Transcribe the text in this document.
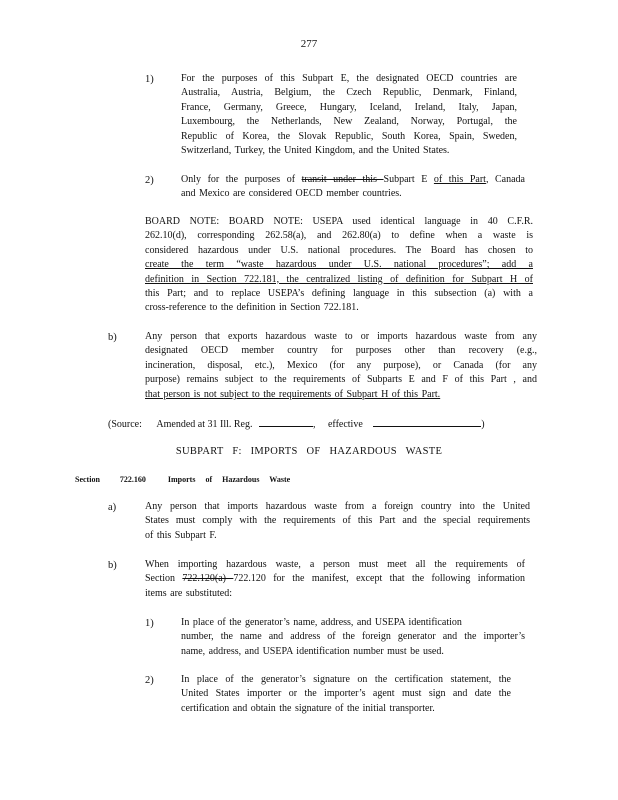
277
1)	For the purposes of this Subpart E, the designated OECD countries are
Australia, Austria, Belgium, the Czech Republic, Denmark, Finland,
France, Germany, Greece, Hungary, Iceland, Ireland, Italy, Japan,
Luxembourg, the Netherlands, New Zealand, Norway, Portugal, the
Republic of Korea, the Slovak Republic, South Korea, Spain, Sweden,
Switzerland, Turkey, the United Kingdom, and the United States.
2)	Only for the purposes of transit under this Subpart E of this Part, Canada
and Mexico are considered OECD member countries.
BOARD NOTE: BOARD NOTE: USEPA used identical language in 40 C.F.R.
262.10(d), corresponding 262.58(a), and 262.80(a) to define when a waste is
considered hazardous under U.S. national procedures. The Board has chosen to
create the term “waste hazardous under U.S. national procedures”; add a
definition in Section 722.181, the centralized listing of definition for Subpart H of
this Part; and to replace USEPA’s defining language in this subsection (a) with a
cross-reference to the definition in Section 722.181.
b)	Any person that exports hazardous waste to or imports hazardous waste from any
designated OECD member country for purposes other than recovery (e.g.,
incineration, disposal, etc.), Mexico (for any purpose), or Canada (for any
purpose) remains subject to the requirements of Subparts E and F of this Part , and
that person is not subject to the requirements of Subpart H of this Part.
(Source: Amended at 31 Ill. Reg.	, effective	)
SUBPART F: IMPORTS OF HAZARDOUS WASTE
Section	722.160	Imports of Hazardous Waste
a)	Any person that imports hazardous waste from a foreign country into the United
States must comply with the requirements of this Part and the special requirements
of this Subpart F.
b)	When importing hazardous waste, a person must meet all the requirements of
Section 722.120(a) 722.120 for the manifest, except that the following information
items are substituted:
1)	In place of the generator’s name, address, and USEPA identification
number, the name and address of the foreign generator and the importer’s
name, address, and USEPA identification number must be used.
2)	In place of the generator’s signature on the certification statement, the
United States importer or the importer’s agent must sign and date the
certification and obtain the signature of the initial transporter.
